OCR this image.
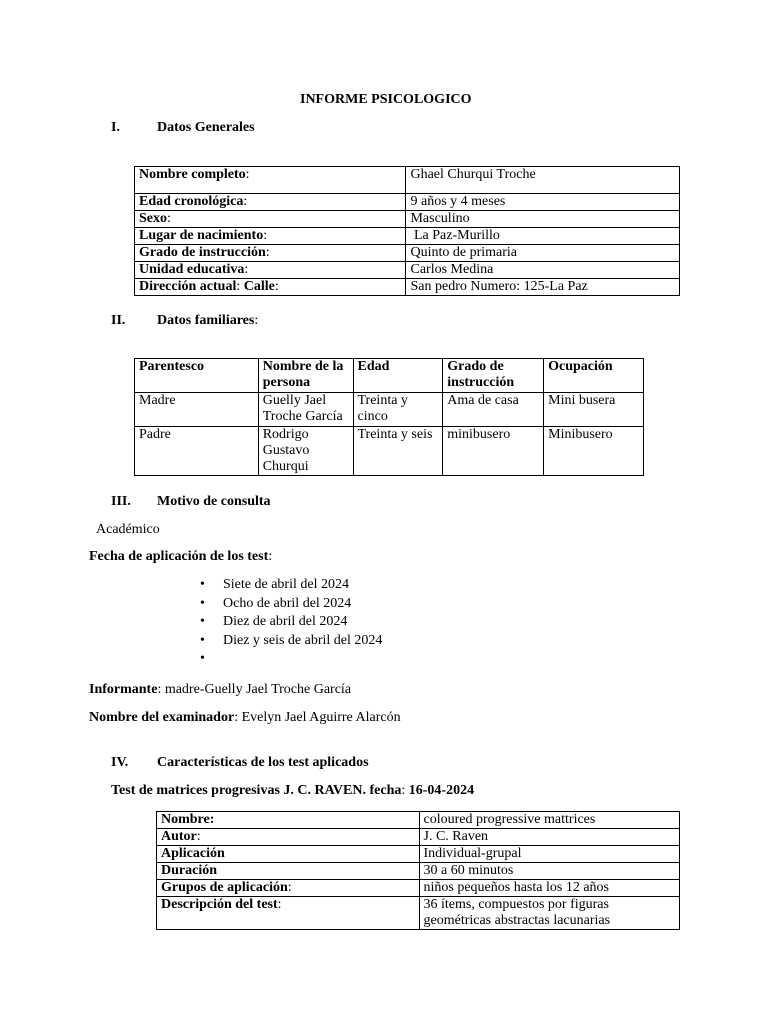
INFORME PSICOLOGICO
I.	Datos Generales
Nombre completo:	Ghael Churqui Troche
Edad cronológica:	9 años y 4 meses
Sexo:	Masculino
Lugar de nacimiento:	La Paz-Murillo
Grado de instrucción:	Quinto de primaria
Unidad educativa:	Carlos Medina
Dirección actual: Calle:	San pedro Numero: 125-La Paz
II. Datos familiares:
Parentesco	Nombre de la persona	Edad	Grado de instrucción	Ocupación
Madre	Guelly Jael Troche García	Treinta y cinco	Ama de casa	Mini busera
Padre	Rodrigo Gustavo Churqui	Treinta y seis	minibusero	Minibusero
III. Motivo de consulta
Académico
Fecha de aplicación de los test:
• Siete de abril del 2024
• Ocho de abril del 2024
• Diez de abril del 2024
• Diez y seis de abril del 2024
•
Informante: madre-Guelly Jael Troche García
Nombre del examinador: Evelyn Jael Aguirre Alarcón
IV. Características de los test aplicados
Test de matrices progresivas J. C. RAVEN. fecha: 16-04-2024
Nombre:	coloured progressive mattrices
Autor:	J. C. Raven
Aplicación	Individual-grupal
Duración	30 a 60 minutos
Grupos de aplicación:	niños pequeños hasta los 12 años
Descripción del test:	36 ítems, compuestos por figuras geométricas abstractas lacunarias
